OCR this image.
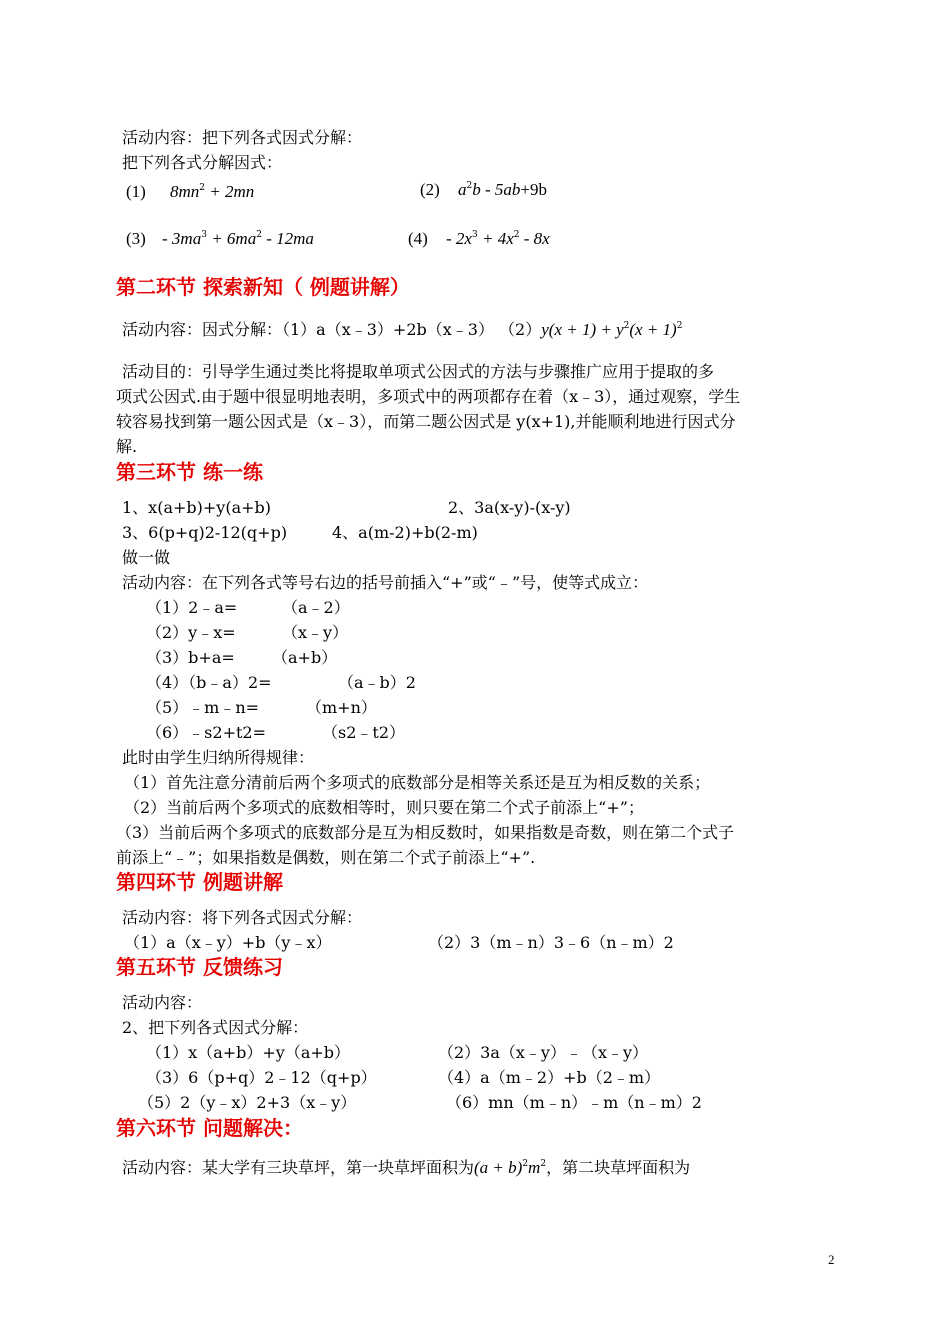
活动内容：把下列各式因式分解：
把下列各式分解因式：
(1) $8mn^2 + 2mn$	(2) $a^2b - 5ab+9b$
$(3) - 3ma^3 + 6ma^2 - 12ma$	$(4) - 2x^3 + 4x^2 - 8x$
第二环节 探索新知（ 例题讲解）
活动内容：因式分解：（1）a（x﹣3）+2b（x﹣3） $(2)y(x + 1) + y^2(x + 1)^2$
活动目的：引导学生通过类比将提取单项式公因式的方法与步骤推广应用于提取的多
项式公因式.由于题中很显明地表明，多项式中的两项都存在着（x﹣3），通过观察，学生
较容易找到第一题公因式是（x﹣3），而第二题公因式是 y(x+1),并能顺利地进行因式分
解.
第三环节 练一练
1、x(a+b)+y(a+b)	2、3a(x-y)-(x-y)
3、6(p+q)2-12(q+p)	4、a(m-2)+b(2-m)
做一做
活动内容：在下列各式等号右边的括号前插入“+”或“﹣”号，使等式成立：
（1）2﹣a=	（a﹣2）
（2）y﹣x=	（x﹣y）
（3）b+a= （a+b）
（4）（b﹣a）2=	（a﹣b）2
（5）﹣m﹣n=	（m+n）
（6）﹣s2+t2=	（s2﹣t2）
此时由学生归纳所得规律：
（1）首先注意分清前后两个多项式的底数部分是相等关系还是互为相反数的关系；
（2）当前后两个多项式的底数相等时，则只要在第二个式子前添上“+”；
（3）当前后两个多项式的底数部分是互为相反数时，如果指数是奇数，则在第二个式子
前添上“﹣”；如果指数是偶数，则在第二个式子前添上“+”.
第四环节 例题讲解
活动内容：将下列各式因式分解：
（1）a（x﹣y）+b（y﹣x）	（2）3（m﹣n）3﹣6（n﹣m）2
第五环节 反馈练习
活动内容：
2、把下列各式因式分解：
（1）x（a+b）+y（a+b）	（2）3a（x﹣y）﹣（x﹣y）
（3）6（p+q）2﹣12（q+p）	（4）a（m﹣2）+b（2﹣m）
（5）2（y﹣x）2+3（x﹣y）	（6）mn（m﹣n）﹣m（n﹣m）2
第六环节 问题解决：
活动内容：某大学有三块草坪，第一块草坪面积为$(a + b)^2m^2$，第二块草坪面积为
2
